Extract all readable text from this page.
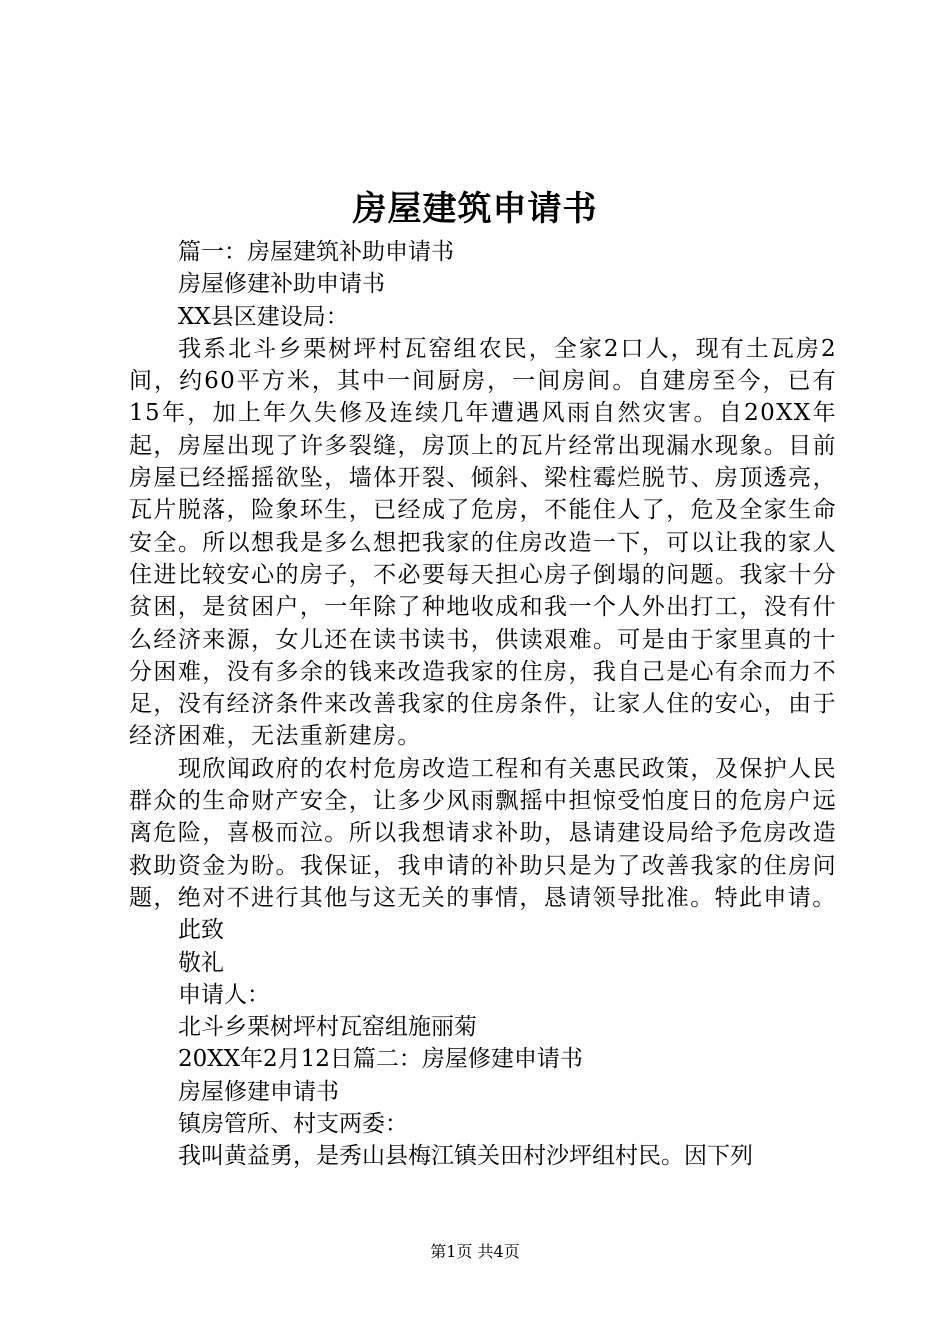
房屋建筑申请书

篇一：房屋建筑补助申请书

房屋修建补助申请书

XX县区建设局：

我系北斗乡栗树坪村瓦窑组农民，全家2口人，现有土瓦房2间，约60平方米，其中一间厨房，一间房间。自建房至今，已有15年，加上年久失修及连续几年遭遇风雨自然灾害。自20XX年起，房屋出现了许多裂缝，房顶上的瓦片经常出现漏水现象。目前房屋已经摇摇欲坠，墙体开裂、倾斜、梁柱霉烂脱节、房顶透亮，瓦片脱落，险象环生，已经成了危房，不能住人了，危及全家生命安全。所以想我是多么想把我家的住房改造一下，可以让我的家人住进比较安心的房子，不必要每天担心房子倒塌的问题。我家十分贫困，是贫困户，一年除了种地收成和我一个人外出打工，没有什么经济来源，女儿还在读书读书，供读艰难。可是由于家里真的十分困难，没有多余的钱来改造我家的住房，我自己是心有余而力不足，没有经济条件来改善我家的住房条件，让家人住的安心，由于经济困难，无法重新建房。

现欣闻政府的农村危房改造工程和有关惠民政策，及保护人民群众的生命财产安全，让多少风雨飘摇中担惊受怕度日的危房户远离危险，喜极而泣。所以我想请求补助，恳请建设局给予危房改造救助资金为盼。我保证，我申请的补助只是为了改善我家的住房问题，绝对不进行其他与这无关的事情，恳请领导批准。特此申请。

此致

敬礼

申请人：

北斗乡栗树坪村瓦窑组施丽菊

20XX年2月12日篇二：房屋修建申请书

房屋修建申请书

镇房管所、村支两委：

我叫黄益勇，是秀山县梅江镇关田村沙坪组村民。因下列

第1页 共4页
